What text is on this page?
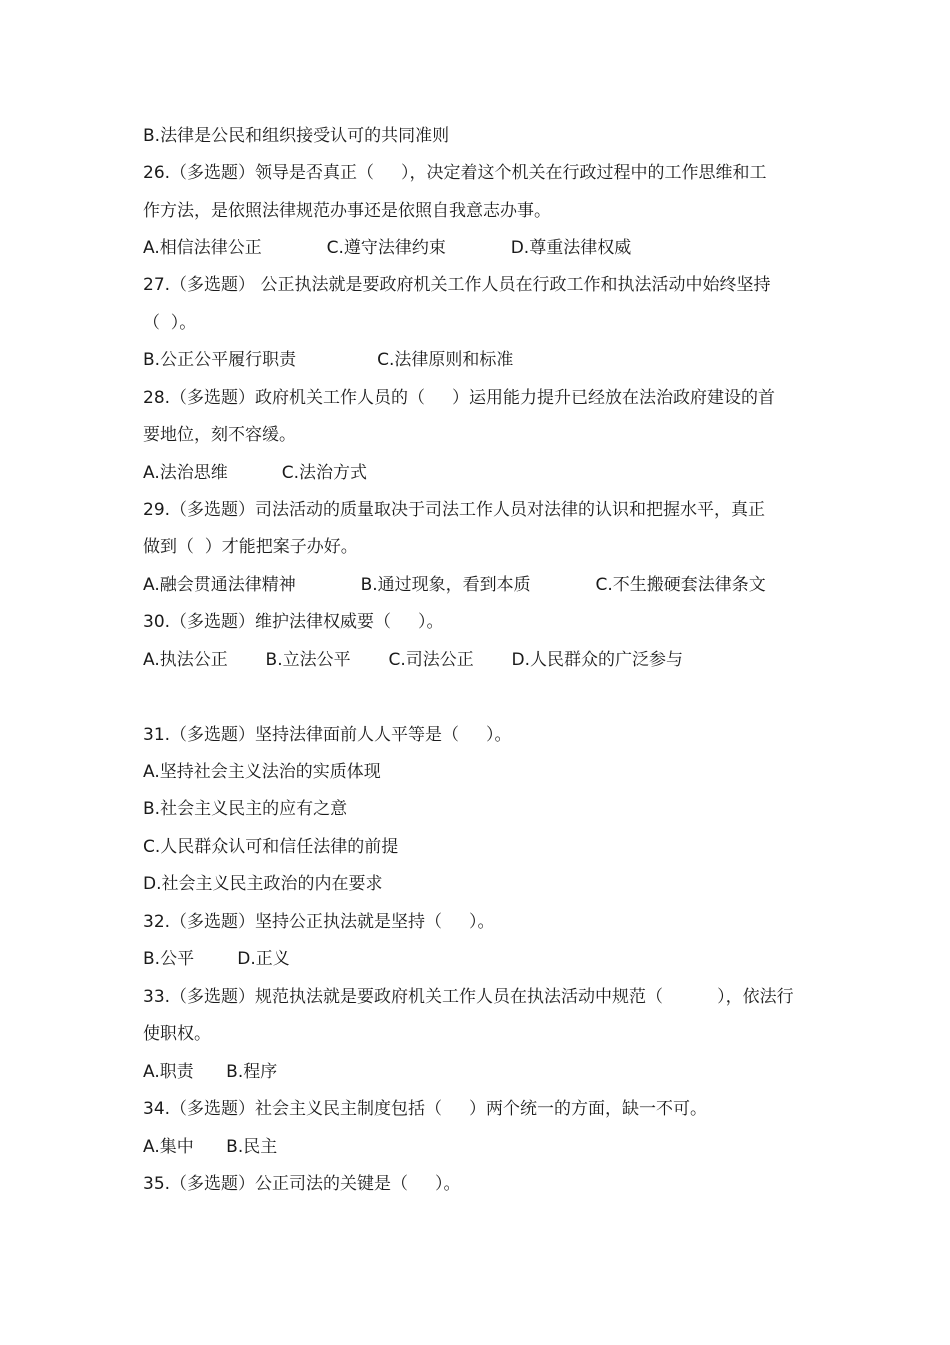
B.法律是公民和组织接受认可的共同准则
26.（多选题）领导是否真正（     ），决定着这个机关在行政过程中的工作思维和工
作方法，是依照法律规范办事还是依照自我意志办事。
A.相信法律公正            C.遵守法律约束            D.尊重法律权威
27.（多选题） 公正执法就是要政府机关工作人员在行政工作和执法活动中始终坚持
（  ）。
B.公正公平履行职责               C.法律原则和标准
28.（多选题）政府机关工作人员的（     ）运用能力提升已经放在法治政府建设的首
要地位，刻不容缓。
A.法治思维          C.法治方式
29.（多选题）司法活动的质量取决于司法工作人员对法律的认识和把握水平，真正
做到（  ）才能把案子办好。
A.融会贯通法律精神            B.通过现象，看到本质            C.不生搬硬套法律条文
30.（多选题）维护法律权威要（     ）。
A.执法公正       B.立法公平       C.司法公正       D.人民群众的广泛参与
31.（多选题）坚持法律面前人人平等是（     ）。
A.坚持社会主义法治的实质体现
B.社会主义民主的应有之意
C.人民群众认可和信任法律的前提
D.社会主义民主政治的内在要求
32.（多选题）坚持公正执法就是坚持（     ）。
B.公平        D.正义
33.（多选题）规范执法就是要政府机关工作人员在执法活动中规范（          ），依法行
使职权。
A.职责      B.程序
34.（多选题）社会主义民主制度包括（     ）两个统一的方面，缺一不可。
A.集中      B.民主
35.（多选题）公正司法的关键是（     ）。
